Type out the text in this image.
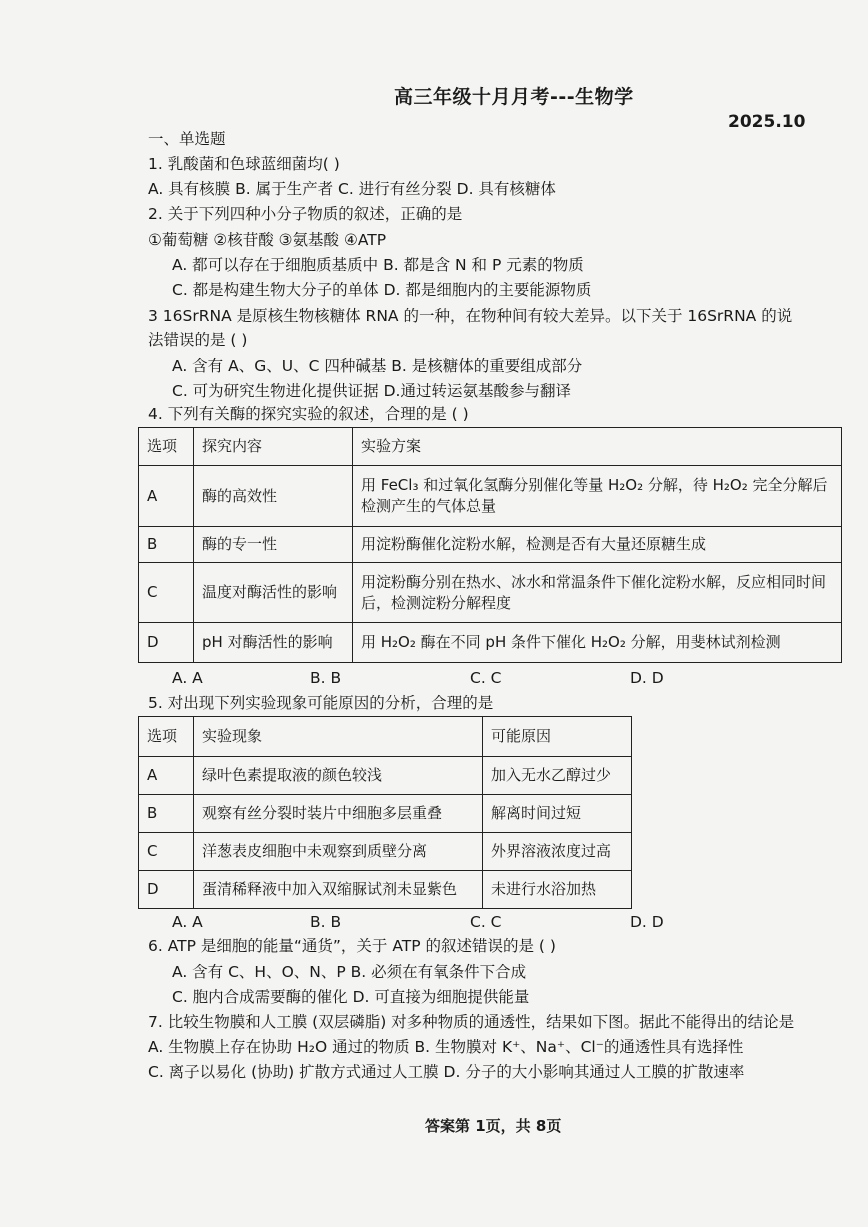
高三年级十月月考---生物学
2025.10
一、单选题
1. 乳酸菌和色球蓝细菌均( )
A. 具有核膜 B. 属于生产者 C. 进行有丝分裂 D. 具有核糖体
2. 关于下列四种小分子物质的叙述，正确的是
①葡萄糖 ②核苷酸 ③氨基酸 ④ATP
A. 都可以存在于细胞质基质中 B. 都是含 N 和 P 元素的物质
C. 都是构建生物大分子的单体 D. 都是细胞内的主要能源物质
3 16SrRNA 是原核生物核糖体 RNA 的一种，在物种间有较大差异。以下关于 16SrRNA 的说
法错误的是 ( )
A. 含有 A、G、U、C 四种碱基 B. 是核糖体的重要组成部分
C. 可为研究生物进化提供证据 D.通过转运氨基酸参与翻译
4. 下列有关酶的探究实验的叙述，合理的是 ( )
选项	探究内容	实验方案
A	酶的高效性	用 FeCl₃ 和过氧化氢酶分别催化等量 H₂O₂ 分解，待 H₂O₂ 完全分解后检测产生的气体总量
B	酶的专一性	用淀粉酶催化淀粉水解，检测是否有大量还原糖生成
C	温度对酶活性的影响	用淀粉酶分别在热水、冰水和常温条件下催化淀粉水解，反应相同时间后，检测淀粉分解程度
D	pH 对酶活性的影响	用 H₂O₂ 酶在不同 pH 条件下催化 H₂O₂ 分解，用斐林试剂检测
A. A	B. B	C. C	D. D
5. 对出现下列实验现象可能原因的分析，合理的是
选项	实验现象	可能原因
A	绿叶色素提取液的颜色较浅	加入无水乙醇过少
B	观察有丝分裂时装片中细胞多层重叠	解离时间过短
C	洋葱表皮细胞中未观察到质壁分离	外界溶液浓度过高
D	蛋清稀释液中加入双缩脲试剂未显紫色	未进行水浴加热
A. A	B. B	C. C	D. D
6. ATP 是细胞的能量“通货”，关于 ATP 的叙述错误的是 ( )
A. 含有 C、H、O、N、P B. 必须在有氧条件下合成
C. 胞内合成需要酶的催化 D. 可直接为细胞提供能量
7. 比较生物膜和人工膜 (双层磷脂) 对多种物质的通透性，结果如下图。据此不能得出的结论是
A. 生物膜上存在协助 H₂O 通过的物质 B. 生物膜对 K⁺、Na⁺、Cl⁻的通透性具有选择性
C. 离子以易化 (协助) 扩散方式通过人工膜 D. 分子的大小影响其通过人工膜的扩散速率
答案第 1页，共 8页
